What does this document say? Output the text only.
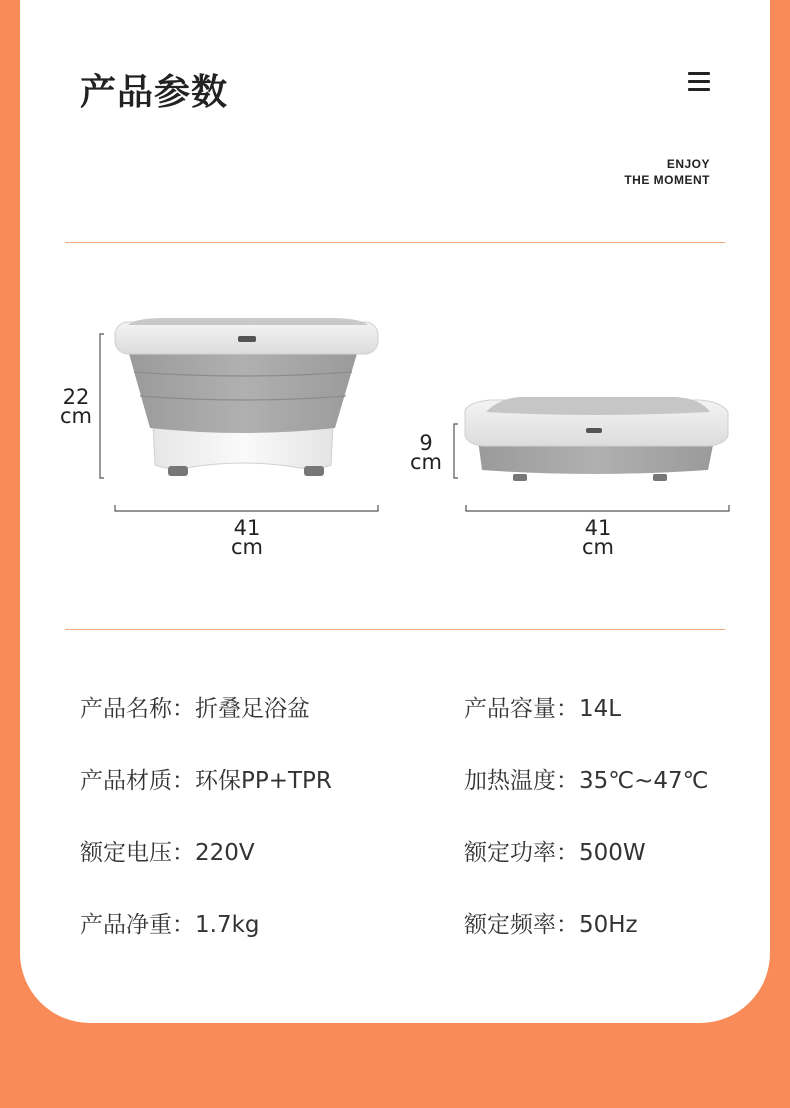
产品参数
ENJOY
THE MOMENT
22
cm
41
cm
9
cm
41
cm
产品名称：折叠足浴盆	产品容量：14L
产品材质：环保PP+TPR	加热温度：35℃~47℃
额定电压：220V	额定功率：500W
产品净重：1.7kg	额定频率：50Hz
